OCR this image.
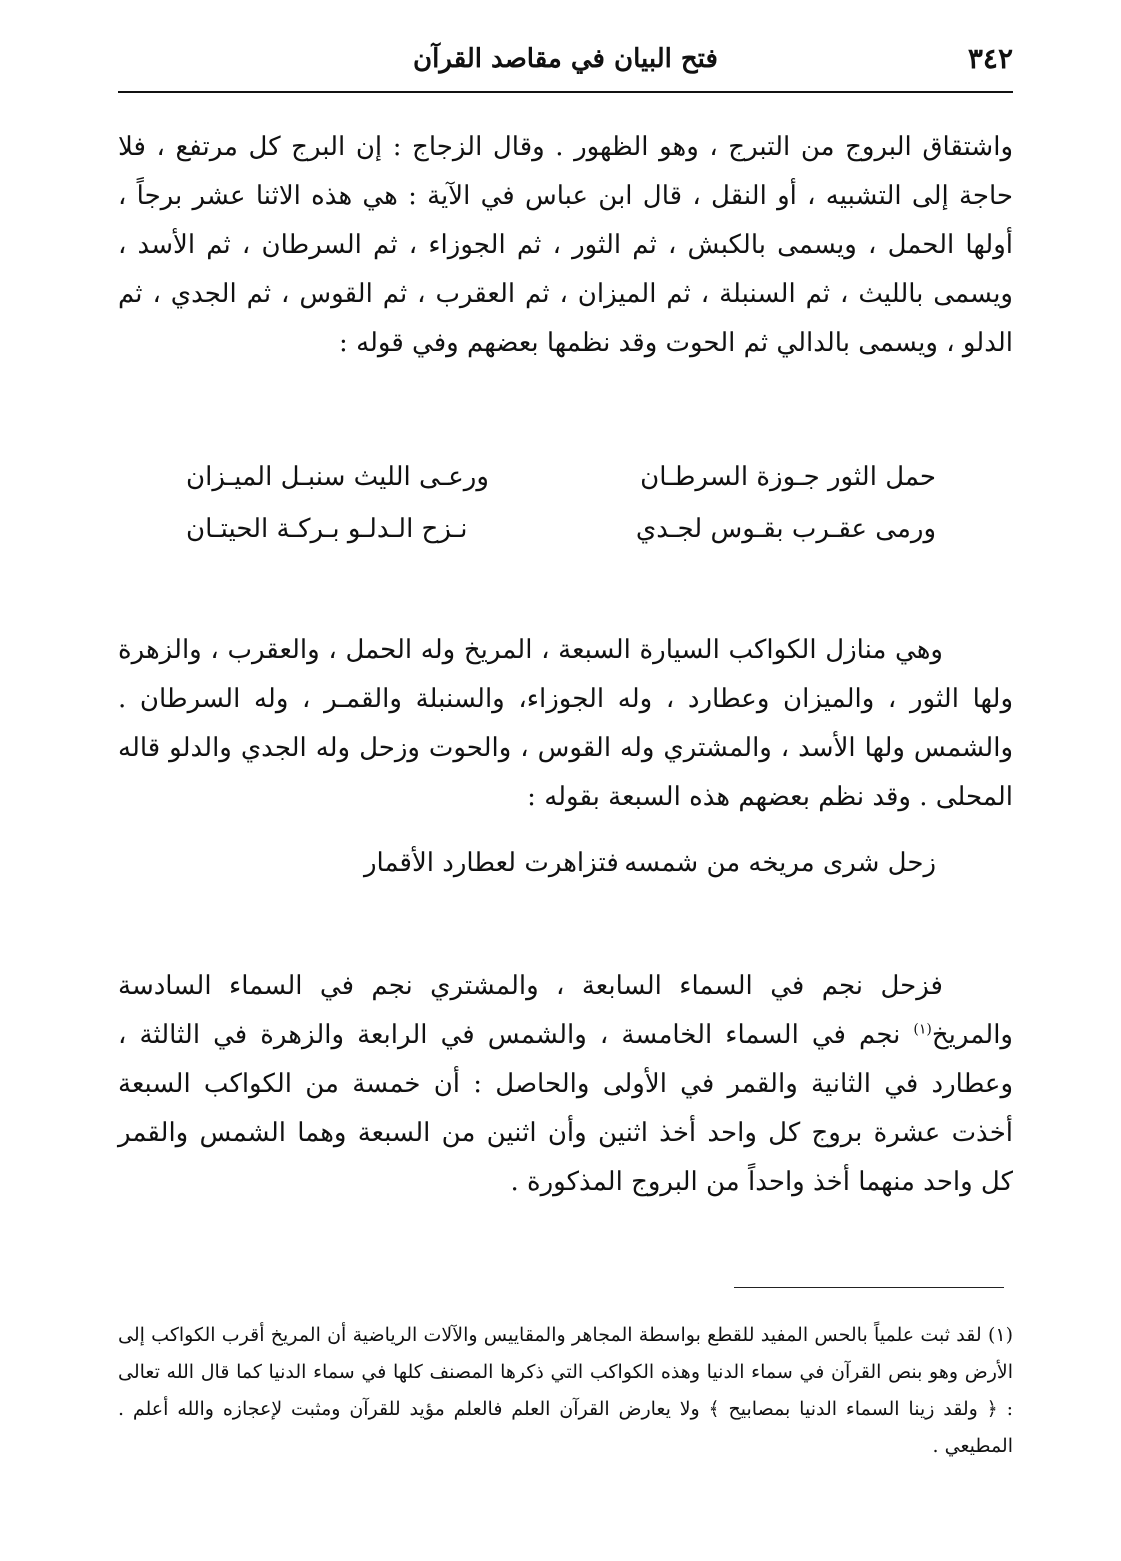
٣٤٢
فتح البيان في مقاصد القرآن

واشتقاق البروج من التبرج ، وهو الظهور . وقال الزجاج : إن البرج كل مرتفع ، فلا حاجة إلى التشبيه ، أو النقل ، قال ابن عباس في الآية : هي هذه الاثنا عشر برجاً ، أولها الحمل ، ويسمى بالكبش ، ثم الثور ، ثم الجوزاء ، ثم السرطان ، ثم الأسد ، ويسمى بالليث ، ثم السنبلة ، ثم الميزان ، ثم العقرب ، ثم القوس ، ثم الجدي ، ثم الدلو ، ويسمى بالدالي ثم الحوت وقد نظمها بعضهم وفي قوله :

حمل الثور جـوزة السرطـان
ورعـى الليث سنبـل الميـزان
ورمى عقـرب بقـوس لجـدي
نـزح الـدلـو بـركـة الحيتـان

وهي منازل الكواكب السيارة السبعة ، المريخ وله الحمل ، والعقرب ، والزهرة ولها الثور ، والميزان وعطارد ، وله الجوزاء، والسنبلة والقمـر ، وله السرطان . والشمس ولها الأسد ، والمشتري وله القوس ، والحوت وزحل وله الجدي والدلو قاله المحلى . وقد نظم بعضهم هذه السبعة بقوله :

زحل شرى مريخه من شمسه
فتزاهرت لعطارد الأقمار

فزحل نجم في السماء السابعة ، والمشتري نجم في السماء السادسة والمريخ$^{(١)}$ نجم في السماء الخامسة ، والشمس في الرابعة والزهرة في الثالثة ، وعطارد في الثانية والقمر في الأولى والحاصل : أن خمسة من الكواكب السبعة أخذت عشرة بروج كل واحد أخذ اثنين وأن اثنين من السبعة وهما الشمس والقمر كل واحد منهما أخذ واحداً من البروج المذكورة .

(١) لقد ثبت علمياً بالحس المفيد للقطع بواسطة المجاهر والمقاييس والآلات الرياضية أن المريخ أقرب الكواكب إلى الأرض وهو بنص القرآن في سماء الدنيا وهذه الكواكب التي ذكرها المصنف كلها في سماء الدنيا كما قال الله تعالى : ﴿ ولقد زينا السماء الدنيا بمصابيح ﴾ ولا يعارض القرآن العلم فالعلم مؤيد للقرآن ومثبت لإعجازه والله أعلم . المطيعي .
